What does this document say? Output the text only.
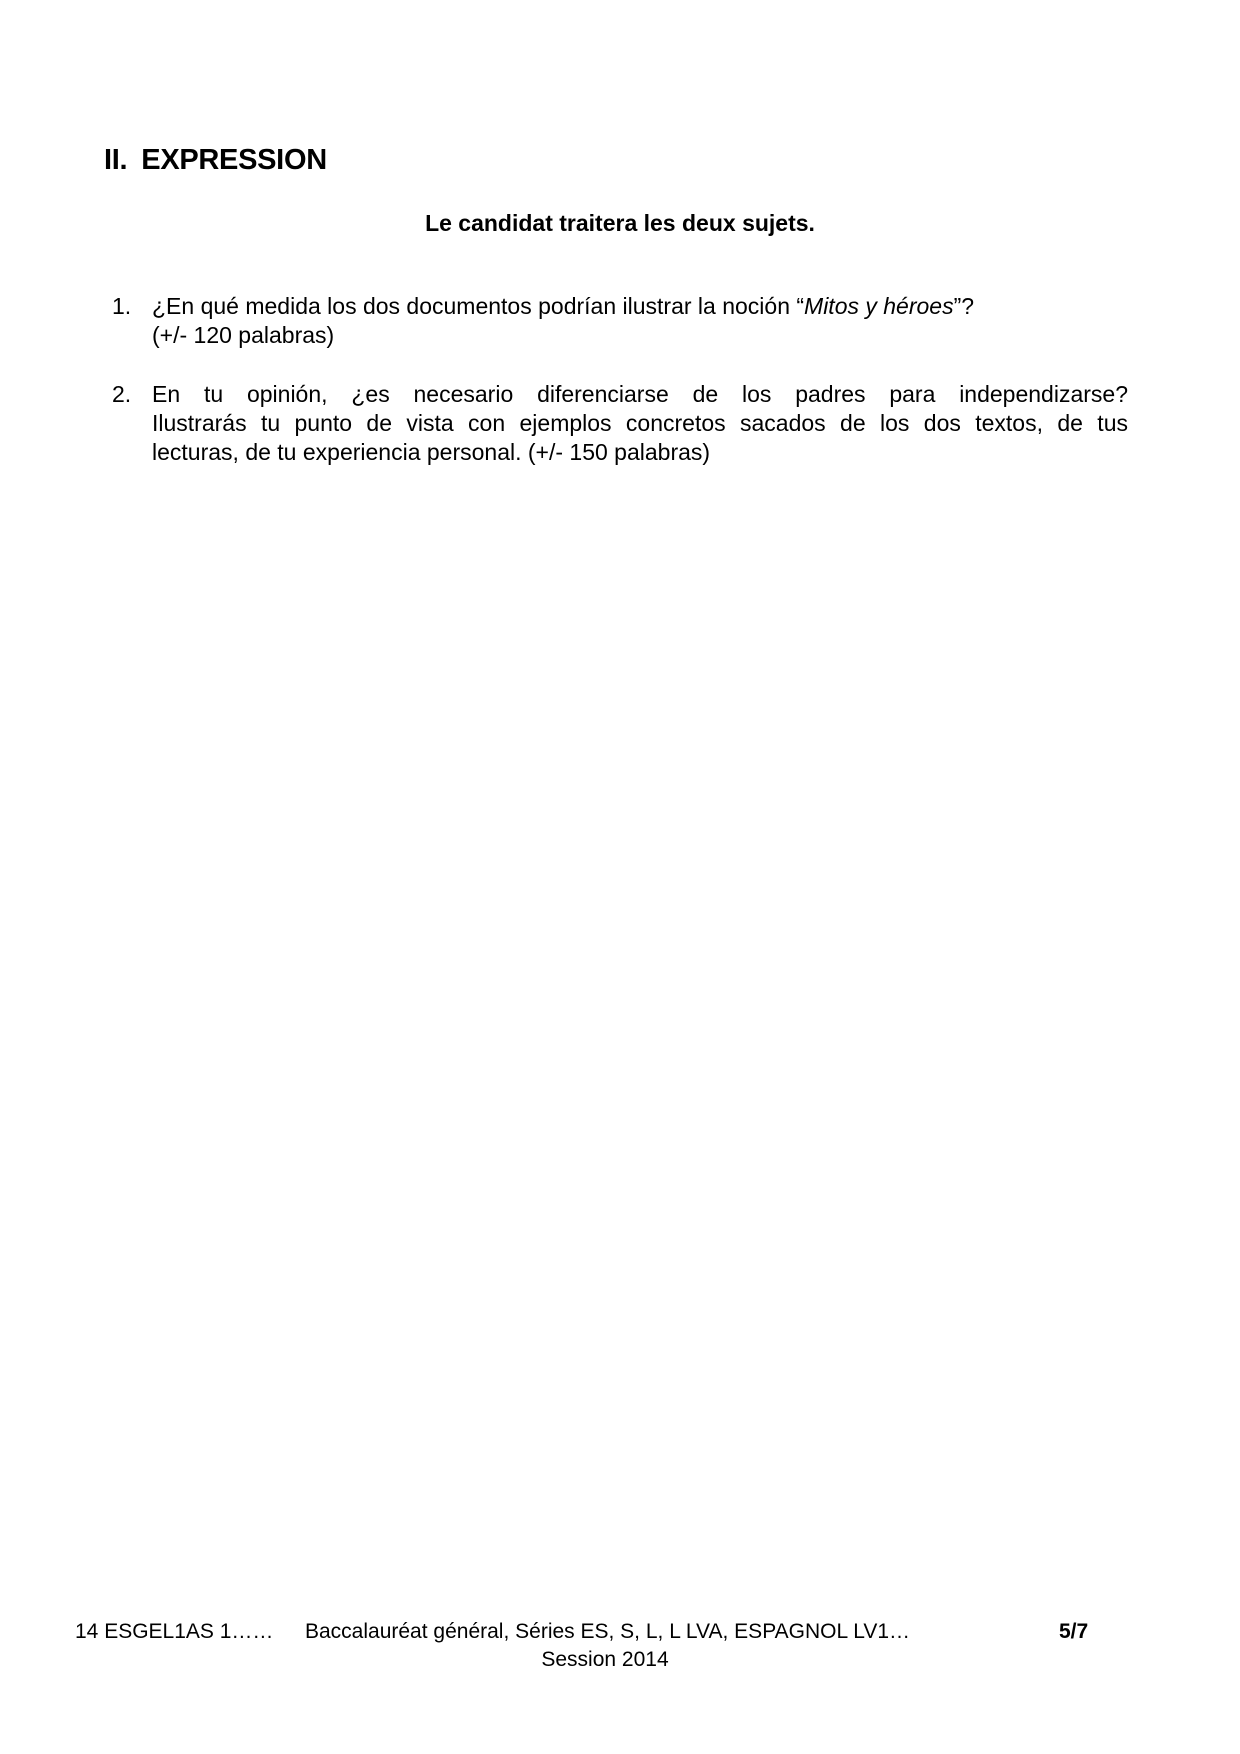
II. EXPRESSION
Le candidat traitera les deux sujets.
1. ¿En qué medida los dos documentos podrían ilustrar la noción “Mitos y héroes”?
(+/- 120 palabras)
2. En tu opinión, ¿es necesario diferenciarse de los padres para independizarse?
Ilustrarás tu punto de vista con ejemplos concretos sacados de los dos textos, de tus
lecturas, de tu experiencia personal. (+/- 150 palabras)
14 ESGEL1AS 1…… Baccalauréat général, Séries ES, S, L, L LVA, ESPAGNOL LV1…	5/7
Session 2014
